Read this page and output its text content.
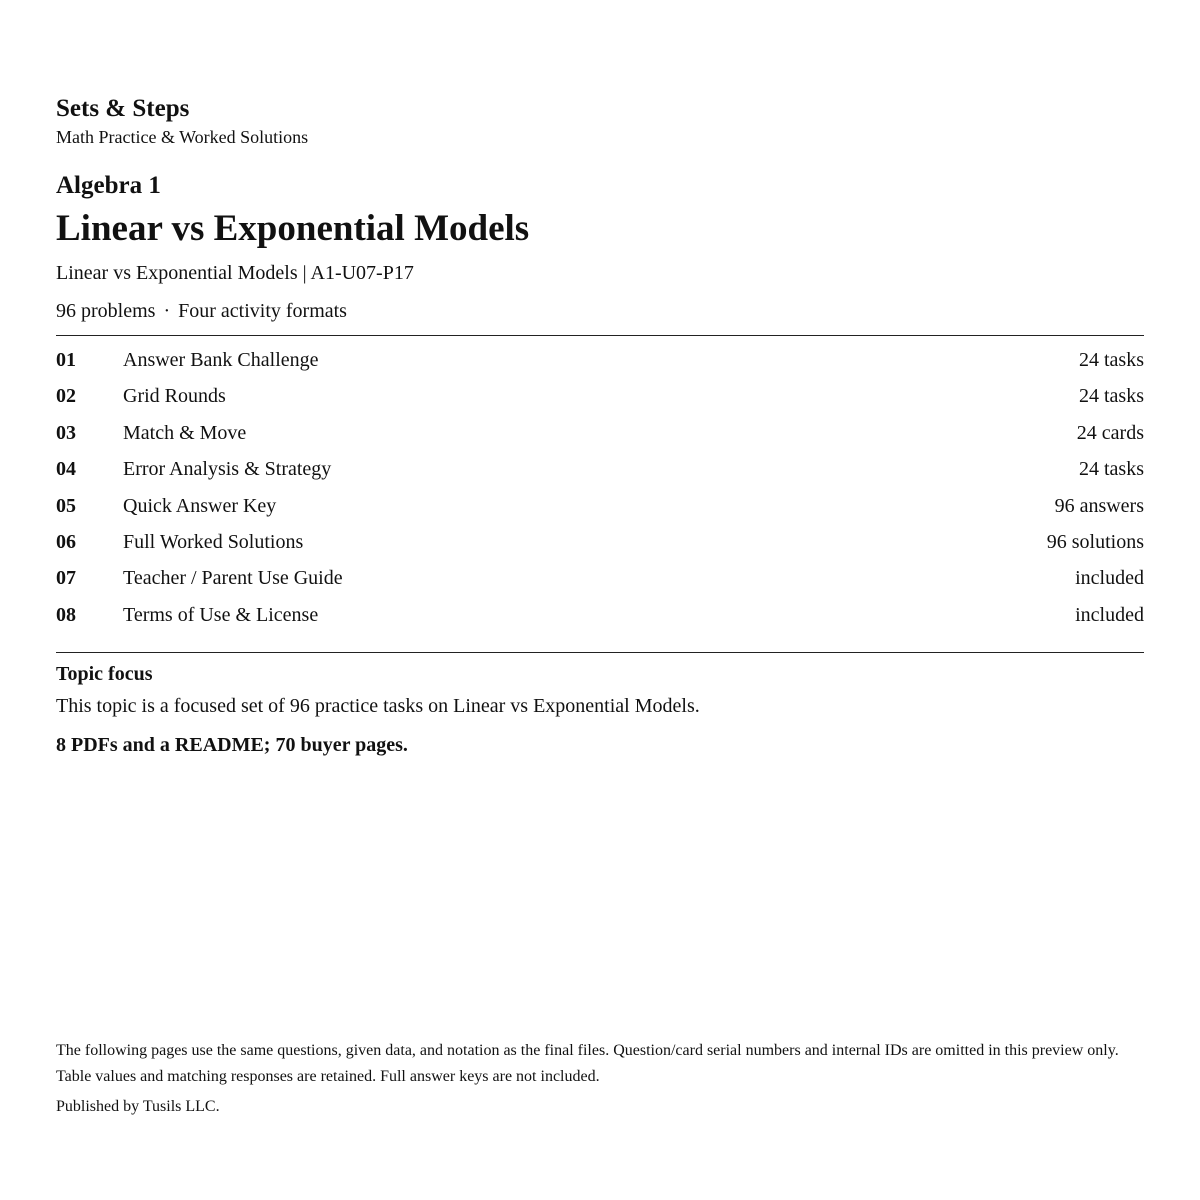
Sets & Steps
Math Practice & Worked Solutions
Algebra 1
Linear vs Exponential Models
Linear vs Exponential Models | A1-U07-P17
96 problems · Four activity formats
01 Answer Bank Challenge	24 tasks
02 Grid Rounds	24 tasks
03 Match & Move	24 cards
04 Error Analysis & Strategy	24 tasks
05 Quick Answer Key	96 answers
06 Full Worked Solutions	96 solutions
07 Teacher / Parent Use Guide	included
08 Terms of Use & License	included
Topic focus
This topic is a focused set of 96 practice tasks on Linear vs Exponential Models.
8 PDFs and a README; 70 buyer pages.
The following pages use the same questions, given data, and notation as the final files. Question/card serial numbers and internal IDs are omitted in this preview only. Table values and matching responses are retained. Full answer keys are not included.
Published by Tusils LLC.
